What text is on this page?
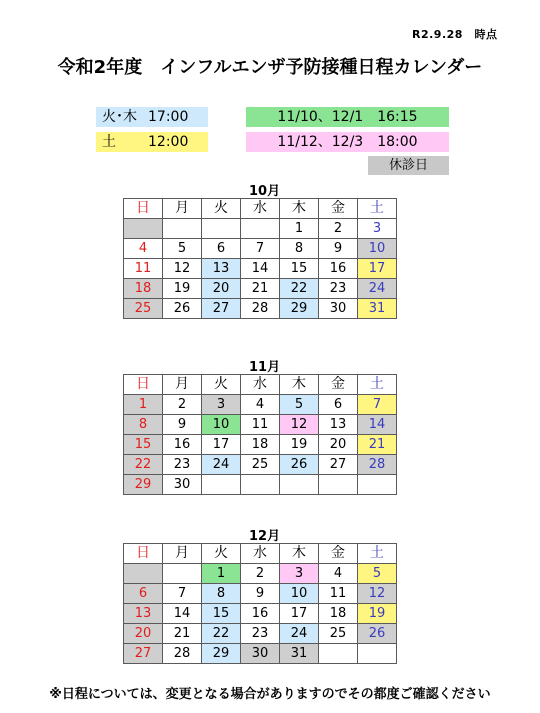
R2.9.28　時点
令和2年度　インフルエンザ予防接種日程カレンダー
火･木 17:00
土 12:00
11/10、12/1　16:15
11/12、12/3　18:00
休診日
10月
日	月	火	水	木	金	土
				1	2	3
4	5	6	7	8	9	10
11	12	13	14	15	16	17
18	19	20	21	22	23	24
25	26	27	28	29	30	31
11月
日	月	火	水	木	金	土
1	2	3	4	5	6	7
8	9	10	11	12	13	14
15	16	17	18	19	20	21
22	23	24	25	26	27	28
29	30					
12月
日	月	火	水	木	金	土
		1	2	3	4	5
6	7	8	9	10	11	12
13	14	15	16	17	18	19
20	21	22	23	24	25	26
27	28	29	30	31		
※日程については、変更となる場合がありますのでその都度ご確認ください
